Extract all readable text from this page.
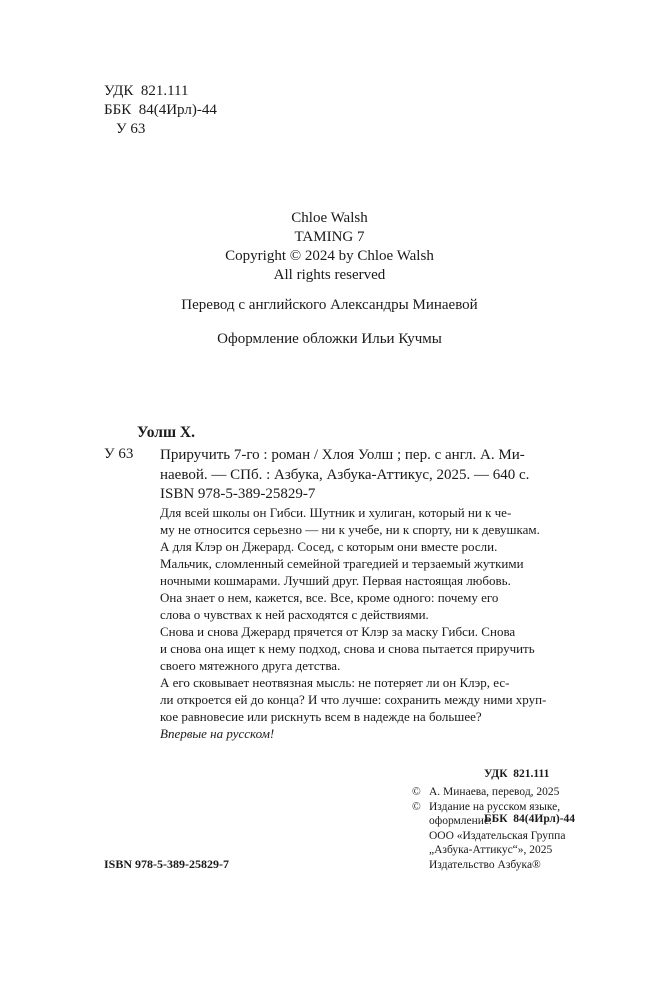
УДК  821.111
ББК  84(4Ирл)-44
У 63
Chloe Walsh
TAMING 7
Copyright © 2024 by Chloe Walsh
All rights reserved
Перевод с английского Александры Минаевой
Оформление обложки Ильи Кучмы
Уолш Х.
У 63 Приручить 7-го : роман / Хлоя Уолш ; пер. с англ. А. Ми-
наевой. — СПб. : Азбука, Азбука-Аттикус, 2025. — 640 с.
ISBN 978-5-389-25829-7

Для всей школы он Гибси. Шутник и хулиган, который ни к че-

му не относится серьезно — ни к учебе, ни к спорту, ни к девушкам.

А для Клэр он Джерард. Сосед, с которым они вместе росли.

Мальчик, сломленный семейной трагедией и терзаемый жуткими

ночными кошмарами. Лучший друг. Первая настоящая любовь.

Она знает о нем, кажется, все. Все, кроме одного: почему его

слова о чувствах к ней расходятся с действиями.

Снова и снова Джерард прячется от Клэр за маску Гибси. Снова

и снова она ищет к нему подход, снова и снова пытается приручить

своего мятежного друга детства.

А его сковывает неотвязная мысль: не потеряет ли он Клэр, ес-

ли откроется ей до конца? И что лучше: сохранить между ними хруп-

кое равновесие или рискнуть всем в надежде на большее?

Впервые на русском!

УДК  821.111

ББК  84(4Ирл)-44

© А. Минаева, перевод, 2025
© Издание на русском языке,
оформление.
ООО «Издательская Группа
„Азбука-Аттикус“», 2025
Издательство Азбука®
ISBN 978-5-389-25829-7
